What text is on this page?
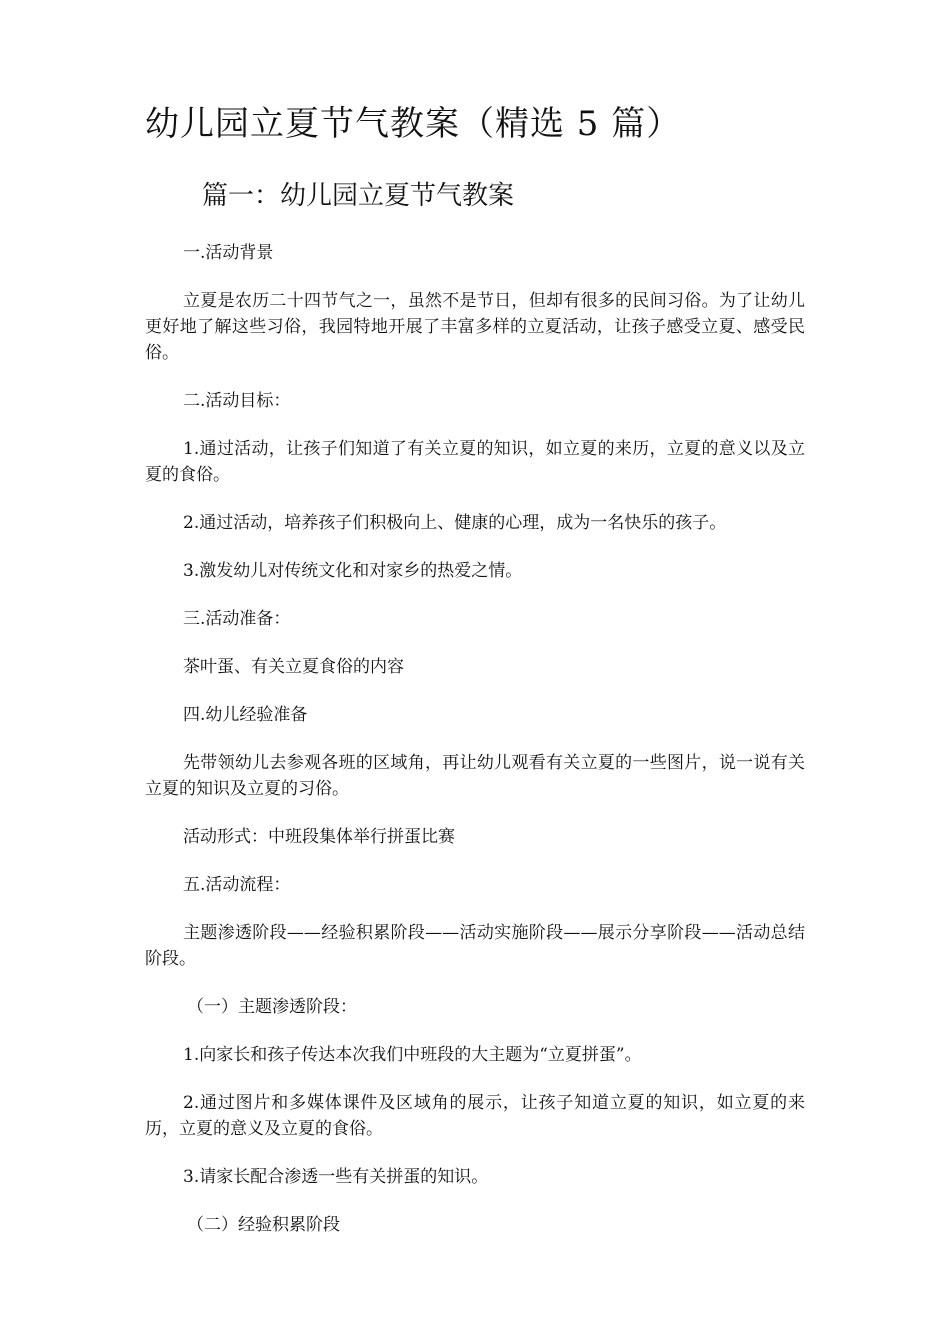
幼儿园立夏节气教案（精选 5 篇）
篇一：幼儿园立夏节气教案

一.活动背景

立夏是农历二十四节气之一，虽然不是节日，但却有很多的民间习俗。为了让幼儿更好地了解这些习俗，我园特地开展了丰富多样的立夏活动，让孩子感受立夏、感受民俗。

二.活动目标：

1.通过活动，让孩子们知道了有关立夏的知识，如立夏的来历，立夏的意义以及立夏的食俗。

2.通过活动，培养孩子们积极向上、健康的心理，成为一名快乐的孩子。

3.激发幼儿对传统文化和对家乡的热爱之情。

三.活动准备：

茶叶蛋、有关立夏食俗的内容

四.幼儿经验准备

先带领幼儿去参观各班的区域角，再让幼儿观看有关立夏的一些图片，说一说有关立夏的知识及立夏的习俗。

活动形式：中班段集体举行拼蛋比赛

五.活动流程：

主题渗透阶段——经验积累阶段——活动实施阶段——展示分享阶段——活动总结阶段。

（一）主题渗透阶段：

1.向家长和孩子传达本次我们中班段的大主题为“立夏拼蛋”。

2.通过图片和多媒体课件及区域角的展示，让孩子知道立夏的知识，如立夏的来历，立夏的意义及立夏的食俗。

3.请家长配合渗透一些有关拼蛋的知识。

（二）经验积累阶段
